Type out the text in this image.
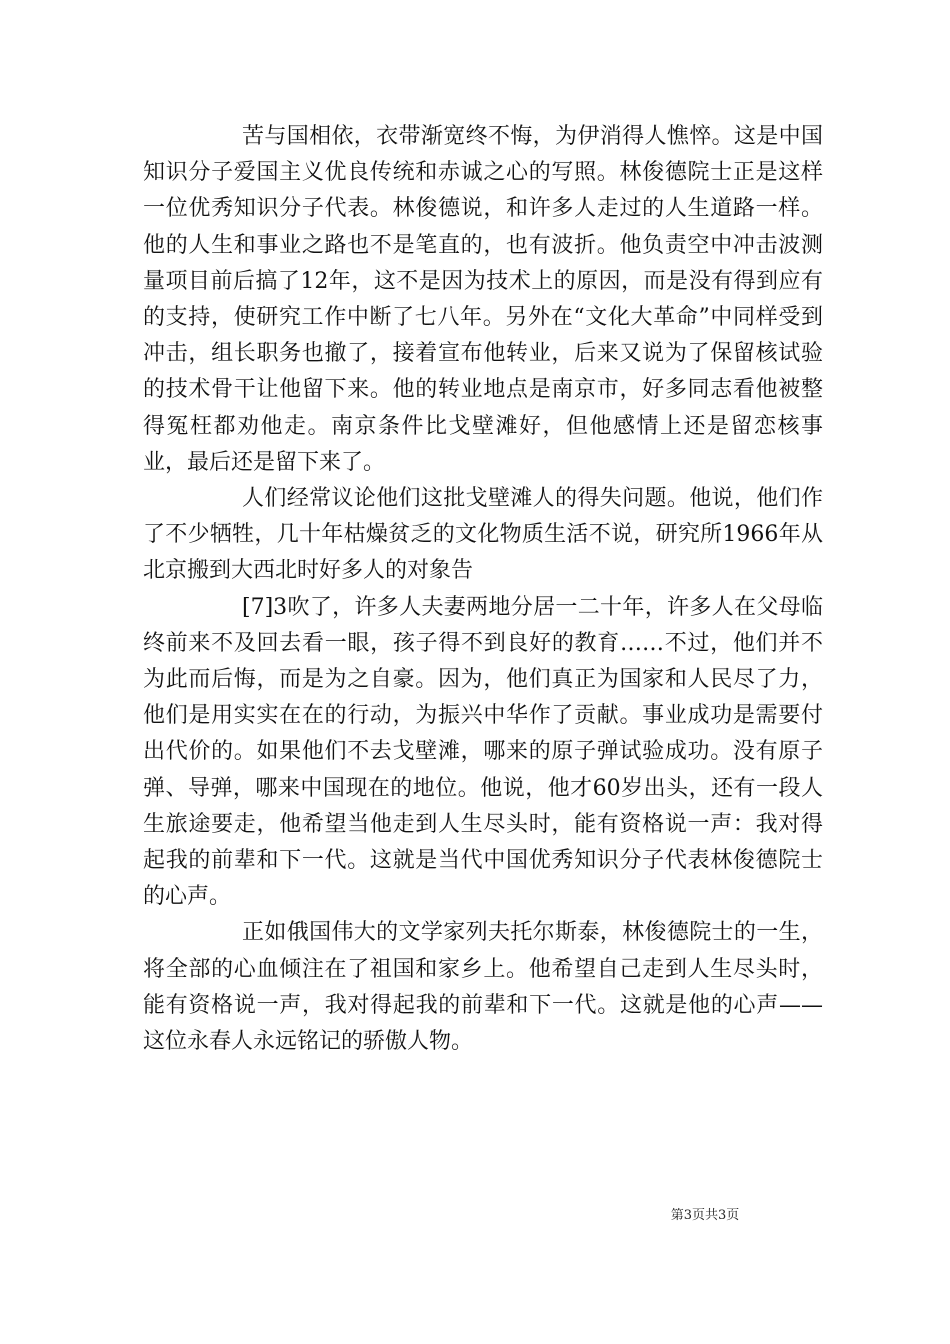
苦与国相依，衣带渐宽终不悔，为伊消得人憔悴。这是中国知识分子爱国主义优良传统和赤诚之心的写照。林俊德院士正是这样一位优秀知识分子代表。林俊德说，和许多人走过的人生道路一样。他的人生和事业之路也不是笔直的，也有波折。他负责空中冲击波测量项目前后搞了12年，这不是因为技术上的原因，而是没有得到应有的支持，使研究工作中断了七八年。另外在“文化大革命”中同样受到冲击，组长职务也撤了，接着宣布他转业，后来又说为了保留核试验的技术骨干让他留下来。他的转业地点是南京市，好多同志看他被整得冤枉都劝他走。南京条件比戈壁滩好，但他感情上还是留恋核事业，最后还是留下来了。

人们经常议论他们这批戈壁滩人的得失问题。他说，他们作了不少牺牲，几十年枯燥贫乏的文化物质生活不说，研究所1966年从北京搬到大西北时好多人的对象告

[7]3吹了，许多人夫妻两地分居一二十年，许多人在父母临终前来不及回去看一眼，孩子得不到良好的教育……不过，他们并不为此而后悔，而是为之自豪。因为，他们真正为国家和人民尽了力，他们是用实实在在的行动，为振兴中华作了贡献。事业成功是需要付出代价的。如果他们不去戈壁滩，哪来的原子弹试验成功。没有原子弹、导弹，哪来中国现在的地位。他说，他才60岁出头，还有一段人生旅途要走，他希望当他走到人生尽头时，能有资格说一声：我对得起我的前辈和下一代。这就是当代中国优秀知识分子代表林俊德院士的心声。

正如俄国伟大的文学家列夫托尔斯泰，林俊德院士的一生，将全部的心血倾注在了祖国和家乡上。他希望自己走到人生尽头时，能有资格说一声，我对得起我的前辈和下一代。这就是他的心声——这位永春人永远铭记的骄傲人物。

第3页共3页
